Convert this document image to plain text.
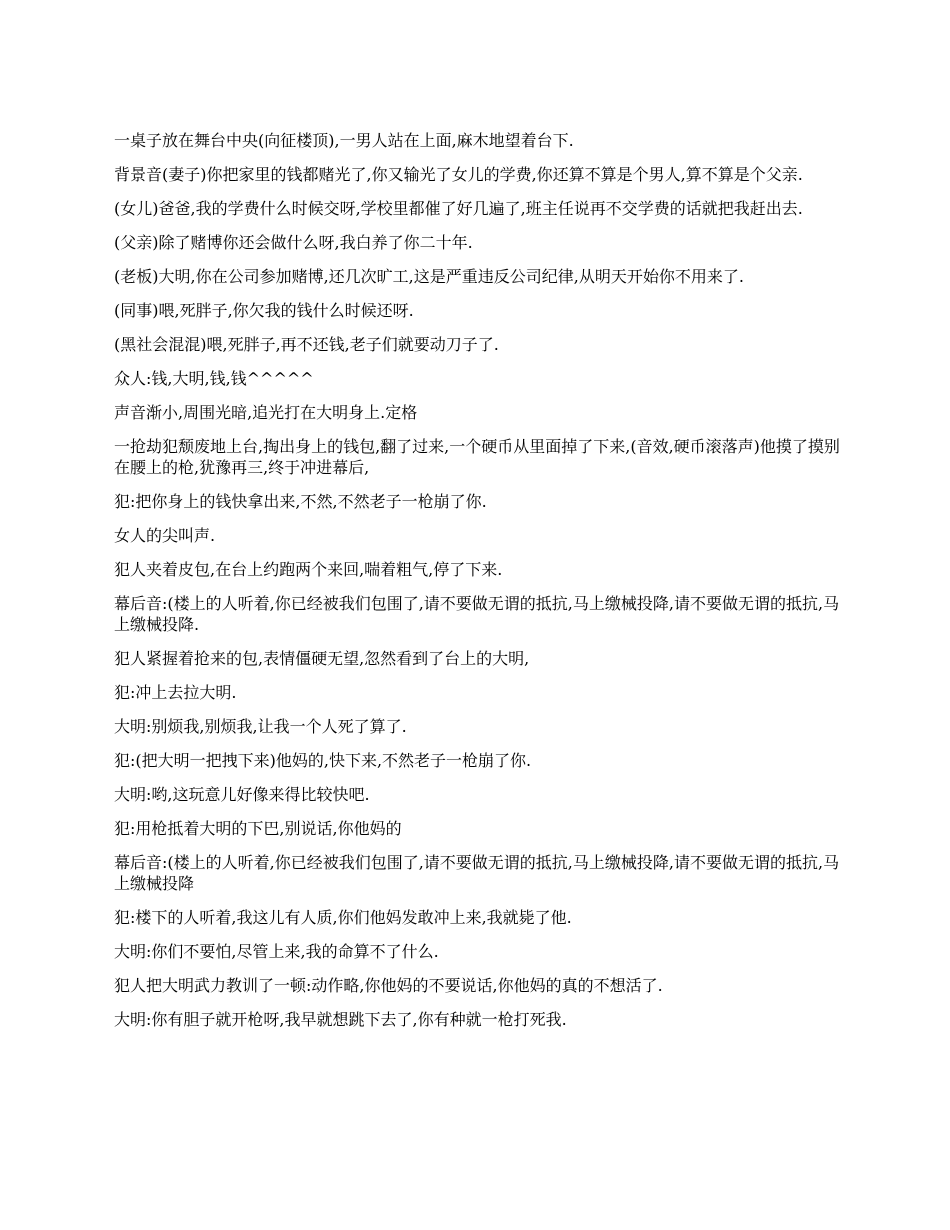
一桌子放在舞台中央(向征楼顶),一男人站在上面,麻木地望着台下.

背景音(妻子)你把家里的钱都赌光了,你又输光了女儿的学费,你还算不算是个男人,算不算是个父亲.

(女儿)爸爸,我的学费什么时候交呀,学校里都催了好几遍了,班主任说再不交学费的话就把我赶出去.

(父亲)除了赌博你还会做什么呀,我白养了你二十年.

(老板)大明,你在公司参加赌博,还几次旷工,这是严重违反公司纪律,从明天开始你不用来了.

(同事)喂,死胖子,你欠我的钱什么时候还呀.

(黑社会混混)喂,死胖子,再不还钱,老子们就要动刀子了.

众人:钱,大明,钱,钱^^^^^

声音渐小,周围光暗,追光打在大明身上.定格

一抢劫犯颓废地上台,掏出身上的钱包,翻了过来,一个硬币从里面掉了下来,(音效,硬币滚落声)他摸了摸别在腰上的枪,犹豫再三,终于冲进幕后,

犯:把你身上的钱快拿出来,不然,不然老子一枪崩了你.

女人的尖叫声.

犯人夹着皮包,在台上约跑两个来回,喘着粗气,停了下来.

幕后音:(楼上的人听着,你已经被我们包围了,请不要做无谓的抵抗,马上缴械投降,请不要做无谓的抵抗,马上缴械投降.

犯人紧握着抢来的包,表情僵硬无望,忽然看到了台上的大明,

犯:冲上去拉大明.

大明:别烦我,别烦我,让我一个人死了算了.

犯:(把大明一把拽下来)他妈的,快下来,不然老子一枪崩了你.

大明:哟,这玩意儿好像来得比较快吧.

犯:用枪抵着大明的下巴,别说话,你他妈的

幕后音:(楼上的人听着,你已经被我们包围了,请不要做无谓的抵抗,马上缴械投降,请不要做无谓的抵抗,马上缴械投降

犯:楼下的人听着,我这儿有人质,你们他妈发敢冲上来,我就毙了他.

大明:你们不要怕,尽管上来,我的命算不了什么.

犯人把大明武力教训了一顿:动作略,你他妈的不要说话,你他妈的真的不想活了.

大明:你有胆子就开枪呀,我早就想跳下去了,你有种就一枪打死我.
